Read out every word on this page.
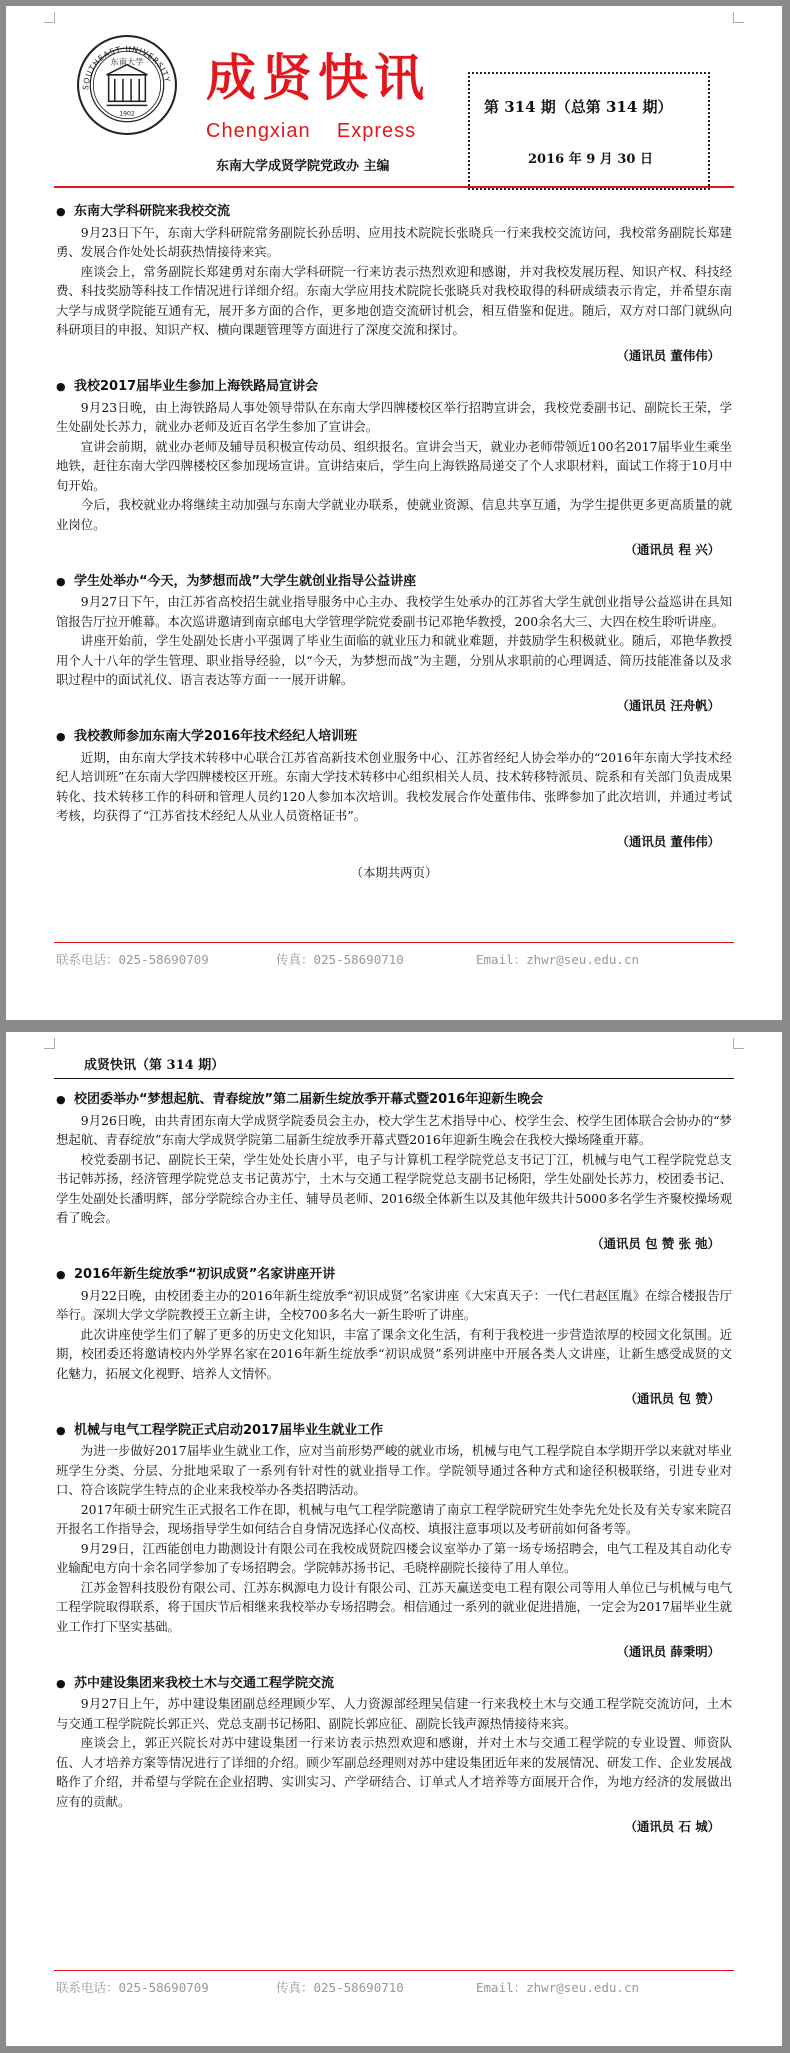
SOUTHEAST UNIVERSITY
东南大学
1902
成贤快讯
Chengxian    Express
东南大学成贤学院党政办 主编
第 314 期（总第 314 期）
2016 年 9 月 30 日
● 东南大学科研院来我校交流

9月23日下午，东南大学科研院常务副院长孙岳明、应用技术院院长张晓兵一行来我校交流访问，我校常务副院长郑建勇、发展合作处处长胡荻热情接待来宾。

座谈会上，常务副院长郑建勇对东南大学科研院一行来访表示热烈欢迎和感谢，并对我校发展历程、知识产权、科技经费、科技奖励等科技工作情况进行详细介绍。东南大学应用技术院院长张晓兵对我校取得的科研成绩表示肯定，并希望东南大学与成贤学院能互通有无，展开多方面的合作，更多地创造交流研讨机会，相互借鉴和促进。随后，双方对口部门就纵向科研项目的申报、知识产权、横向课题管理等方面进行了深度交流和探讨。

（通讯员 董伟伟）
● 我校2017届毕业生参加上海铁路局宣讲会

9月23日晚，由上海铁路局人事处领导带队在东南大学四牌楼校区举行招聘宣讲会，我校党委副书记、副院长王荣，学生处副处长苏力，就业办老师及近百名学生参加了宣讲会。

宣讲会前期，就业办老师及辅导员积极宣传动员、组织报名。宣讲会当天，就业办老师带领近100名2017届毕业生乘坐地铁，赶往东南大学四牌楼校区参加现场宣讲。宣讲结束后，学生向上海铁路局递交了个人求职材料，面试工作将于10月中旬开始。

今后，我校就业办将继续主动加强与东南大学就业办联系，使就业资源、信息共享互通，为学生提供更多更高质量的就业岗位。

（通讯员 程 兴）
● 学生处举办“今天，为梦想而战”大学生就创业指导公益讲座

9月27日下午，由江苏省高校招生就业指导服务中心主办、我校学生处承办的江苏省大学生就创业指导公益巡讲在具知馆报告厅拉开帷幕。本次巡讲邀请到南京邮电大学管理学院党委副书记邓艳华教授，200余名大三、大四在校生聆听讲座。

讲座开始前，学生处副处长唐小平强调了毕业生面临的就业压力和就业难题，并鼓励学生积极就业。随后，邓艳华教授用个人十八年的学生管理、职业指导经验，以“今天，为梦想而战”为主题，分别从求职前的心理调适、简历技能准备以及求职过程中的面试礼仪、语言表达等方面一一展开讲解。

（通讯员 汪舟帆）
● 我校教师参加东南大学2016年技术经纪人培训班

近期，由东南大学技术转移中心联合江苏省高新技术创业服务中心、江苏省经纪人协会举办的“2016年东南大学技术经纪人培训班”在东南大学四牌楼校区开班。东南大学技术转移中心组织相关人员、技术转移特派员、院系和有关部门负责成果转化、技术转移工作的科研和管理人员约120人参加本次培训。我校发展合作处董伟伟、张晔参加了此次培训，并通过考试考核，均获得了“江苏省技术经纪人从业人员资格证书”。

（通讯员 董伟伟）
（本期共两页）
联系电话：025-58690709	传真：025-58690710	Email：zhwr@seu.edu.cn
成贤快讯（第 314 期）
● 校团委举办“梦想起航、青春绽放”第二届新生绽放季开幕式暨2016年迎新生晚会

9月26日晚，由共青团东南大学成贤学院委员会主办，校大学生艺术指导中心、校学生会、校学生团体联合会协办的“梦想起航、青春绽放”东南大学成贤学院第二届新生绽放季开幕式暨2016年迎新生晚会在我校大操场隆重开幕。

校党委副书记、副院长王荣，学生处处长唐小平，电子与计算机工程学院党总支书记丁江，机械与电气工程学院党总支书记韩苏扬，经济管理学院党总支书记黄苏宁，土木与交通工程学院党总支副书记杨阳，学生处副处长苏力，校团委书记、学生处副处长潘明辉，部分学院综合办主任、辅导员老师、2016级全体新生以及其他年级共计5000多名学生齐聚校操场观看了晚会。

（通讯员 包 赞 张 弛）
● 2016年新生绽放季“初识成贤”名家讲座开讲

9月22日晚，由校团委主办的2016年新生绽放季“初识成贤”名家讲座《大宋真天子：一代仁君赵匡胤》在综合楼报告厅举行。深圳大学文学院教授王立新主讲，全校700多名大一新生聆听了讲座。

此次讲座使学生们了解了更多的历史文化知识，丰富了课余文化生活，有利于我校进一步营造浓厚的校园文化氛围。近期，校团委还将邀请校内外学界名家在2016年新生绽放季“初识成贤”系列讲座中开展各类人文讲座，让新生感受成贤的文化魅力，拓展文化视野、培养人文情怀。

（通讯员 包 赞）
● 机械与电气工程学院正式启动2017届毕业生就业工作

为进一步做好2017届毕业生就业工作，应对当前形势严峻的就业市场，机械与电气工程学院自本学期开学以来就对毕业班学生分类、分层、分批地采取了一系列有针对性的就业指导工作。学院领导通过各种方式和途径积极联络，引进专业对口、符合该院学生特点的企业来我校举办各类招聘活动。

2017年硕士研究生正式报名工作在即，机械与电气工程学院邀请了南京工程学院研究生处李先允处长及有关专家来院召开报名工作指导会，现场指导学生如何结合自身情况选择心仪高校、填报注意事项以及考研前如何备考等。

9月29日，江西能创电力勘测设计有限公司在我校成贤院四楼会议室举办了第一场专场招聘会，电气工程及其自动化专业输配电方向十余名同学参加了专场招聘会。学院韩苏扬书记、毛晓梓副院长接待了用人单位。

江苏金智科技股份有限公司、江苏东枫源电力设计有限公司、江苏天赢送变电工程有限公司等用人单位已与机械与电气工程学院取得联系，将于国庆节后相继来我校举办专场招聘会。相信通过一系列的就业促进措施，一定会为2017届毕业生就业工作打下坚实基础。

（通讯员 薛秉明）
● 苏中建设集团来我校土木与交通工程学院交流

9月27日上午，苏中建设集团副总经理顾少军、人力资源部经理吴信建一行来我校土木与交通工程学院交流访问，土木与交通工程学院院长郭正兴、党总支副书记杨阳、副院长郭应征、副院长钱声源热情接待来宾。

座谈会上，郭正兴院长对苏中建设集团一行来访表示热烈欢迎和感谢，并对土木与交通工程学院的专业设置、师资队伍、人才培养方案等情况进行了详细的介绍。顾少军副总经理则对苏中建设集团近年来的发展情况、研发工作、企业发展战略作了介绍，并希望与学院在企业招聘、实训实习、产学研结合、订单式人才培养等方面展开合作，为地方经济的发展做出应有的贡献。

（通讯员 石 城）
联系电话：025-58690709	传真：025-58690710	Email：zhwr@seu.edu.cn
